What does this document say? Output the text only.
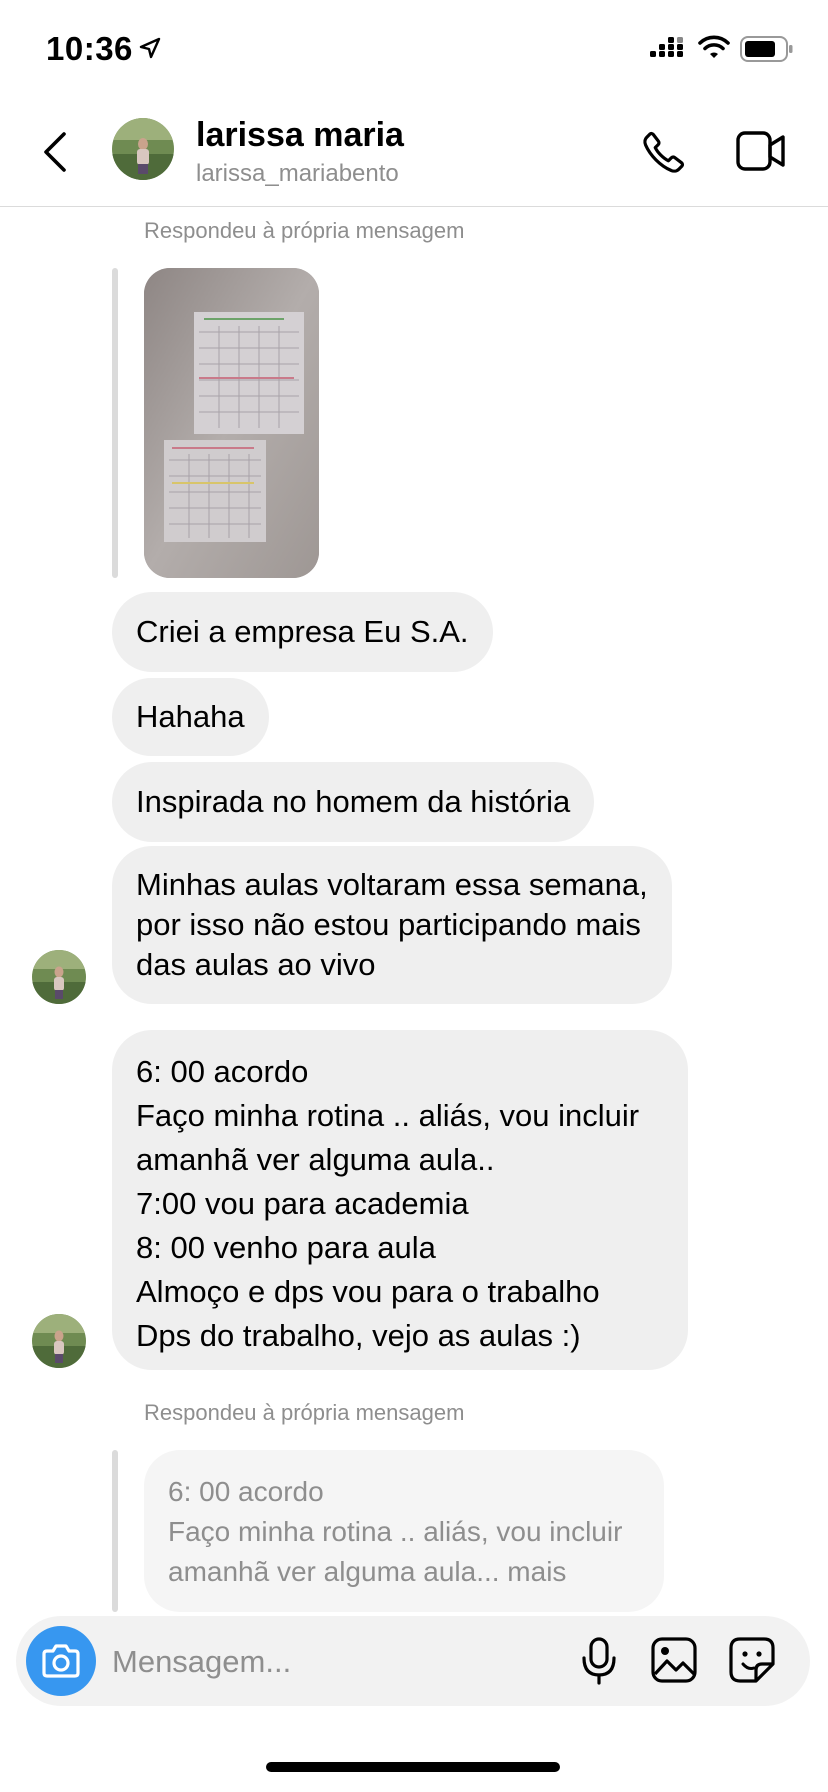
10:36
larissa maria
larissa_mariabento
Respondeu à própria mensagem
Criei a empresa Eu S.A.
Hahaha
Inspirada no homem da história
Minhas aulas voltaram essa semana,
por isso não estou participando mais
das aulas ao vivo
6: 00 acordo
Faço minha rotina .. aliás, vou incluir
amanhã ver alguma aula..
7:00 vou para academia
8: 00 venho para aula
Almoço e dps vou para o trabalho
Dps do trabalho, vejo as aulas :)
Respondeu à própria mensagem
6: 00 acordo
Faço minha rotina .. aliás, vou incluir
amanhã ver alguma aula... mais
Mensagem...
